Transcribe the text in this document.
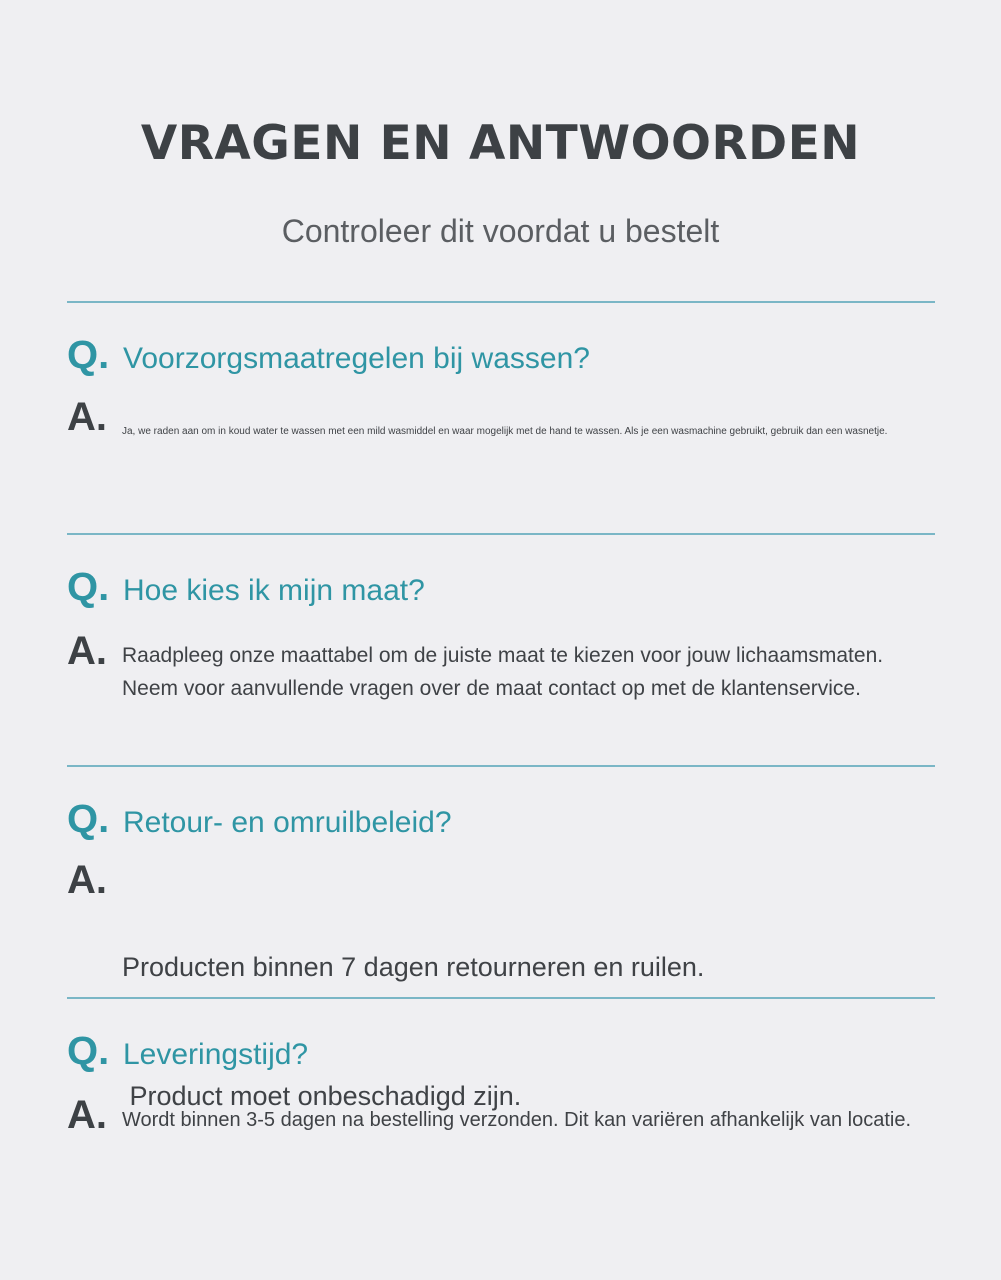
VRAGEN EN ANTWOORDEN

Controleer dit voordat u bestelt

Q. Voorzorgsmaatregelen bij wassen?
A.	Ja, we raden aan om in koud water te wassen met een mild wasmiddel en waar mogelijk met de hand te wassen. Als je een wasmachine gebruikt, gebruik dan een wasnetje.
Q. Hoe kies ik mijn maat?
A. Raadpleeg onze maattabel om de juiste maat te kiezen voor jouw lichaamsmaten.
Neem voor aanvullende vragen over de maat contact op met de klantenservice.
Q. Retour- en omruilbeleid?
A.

Producten binnen 7 dagen retourneren en ruilen.

Product moet onbeschadigd zijn.

Q. Leveringstijd?
A. Wordt binnen 3-5 dagen na bestelling verzonden. Dit kan variëren afhankelijk van locatie.
